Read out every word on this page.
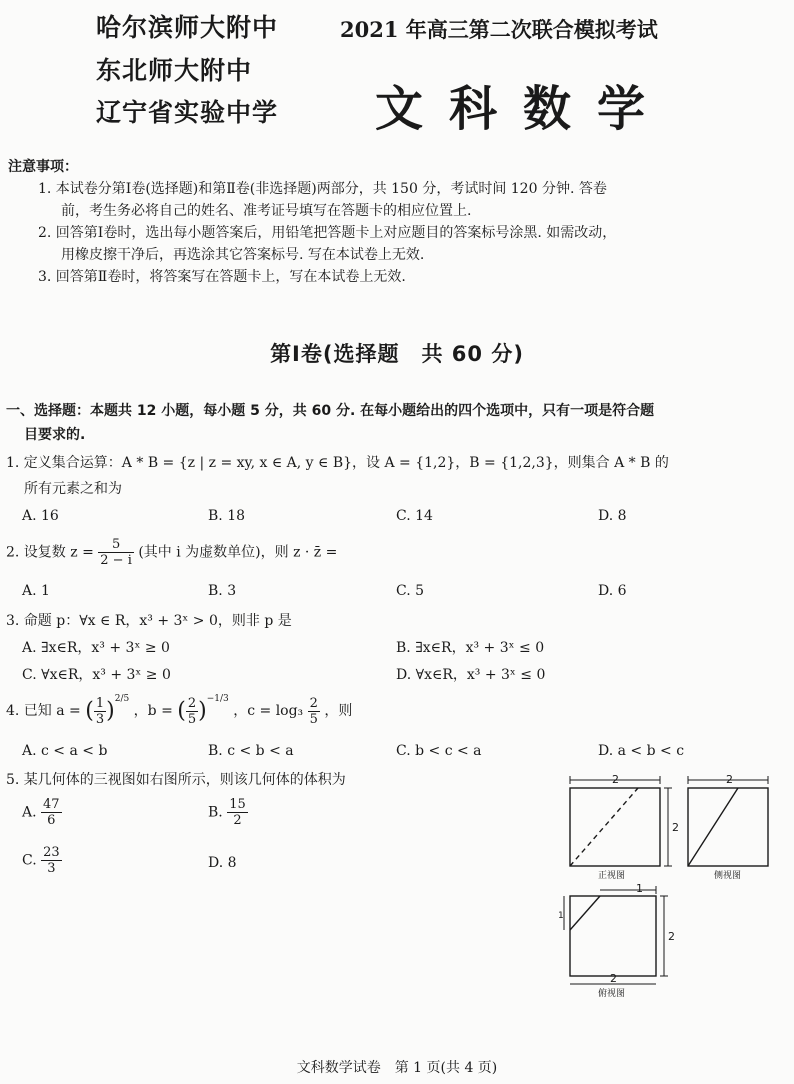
哈尔滨师大附中
东北师大附中
辽宁省实验中学
2021 年高三第二次联合模拟考试
文科数学
注意事项：
1. 本试卷分第Ⅰ卷(选择题)和第Ⅱ卷(非选择题)两部分，共 150 分，考试时间 120 分钟. 答卷
前，考生务必将自己的姓名、准考证号填写在答题卡的相应位置上.
2. 回答第Ⅰ卷时，选出每小题答案后，用铅笔把答题卡上对应题目的答案标号涂黑. 如需改动，
用橡皮擦干净后，再选涂其它答案标号. 写在本试卷上无效.
3. 回答第Ⅱ卷时，将答案写在答题卡上，写在本试卷上无效.
第Ⅰ卷(选择题　共 60 分)
一、选择题：本题共 12 小题，每小题 5 分，共 60 分. 在每小题给出的四个选项中，只有一项是符合题
目要求的.
1. 定义集合运算：A * B = {z | z = xy, x ∈ A, y ∈ B}，设 A = {1,2}，B = {1,2,3}，则集合 A * B 的
所有元素之和为
A. 16	B. 18	C. 14	D. 8
2. 设复数 $z = \frac{5}{2 - i}$ (其中 i 为虚数单位)，则 z · z̄ =
A. 1	B. 3	C. 5	D. 6
3. 命题 p：∀x ∈ R，x³ + 3ˣ > 0，则非 p 是
A. ∃x∈R，x³ + 3ˣ ≥ 0	B. ∃x∈R，x³ + 3ˣ ≤ 0
C. ∀x∈R，x³ + 3ˣ ≥ 0	D. ∀x∈R，x³ + 3ˣ ≤ 0
4. 已知 a = ( $\frac{1}{3} )^{2/5}$ ，b = ( $\frac{2}{5} )^{-1/3}$ ，$c = \log_3 \frac{2}{5}$ ，则
A. c < a < b	B. c < b < a	C. b < c < a	D. a < b < c
5. 某几何体的三视图如右图所示，则该几何体的体积为
A. $\frac{47}{6}$	B. $\frac{15}{2}$
C. $\frac{23}{3}$	D. 8
2
2
2
1
1
2
2
正视图	侧视图
俯视图
文科数学试卷　第 1 页(共 4 页)
